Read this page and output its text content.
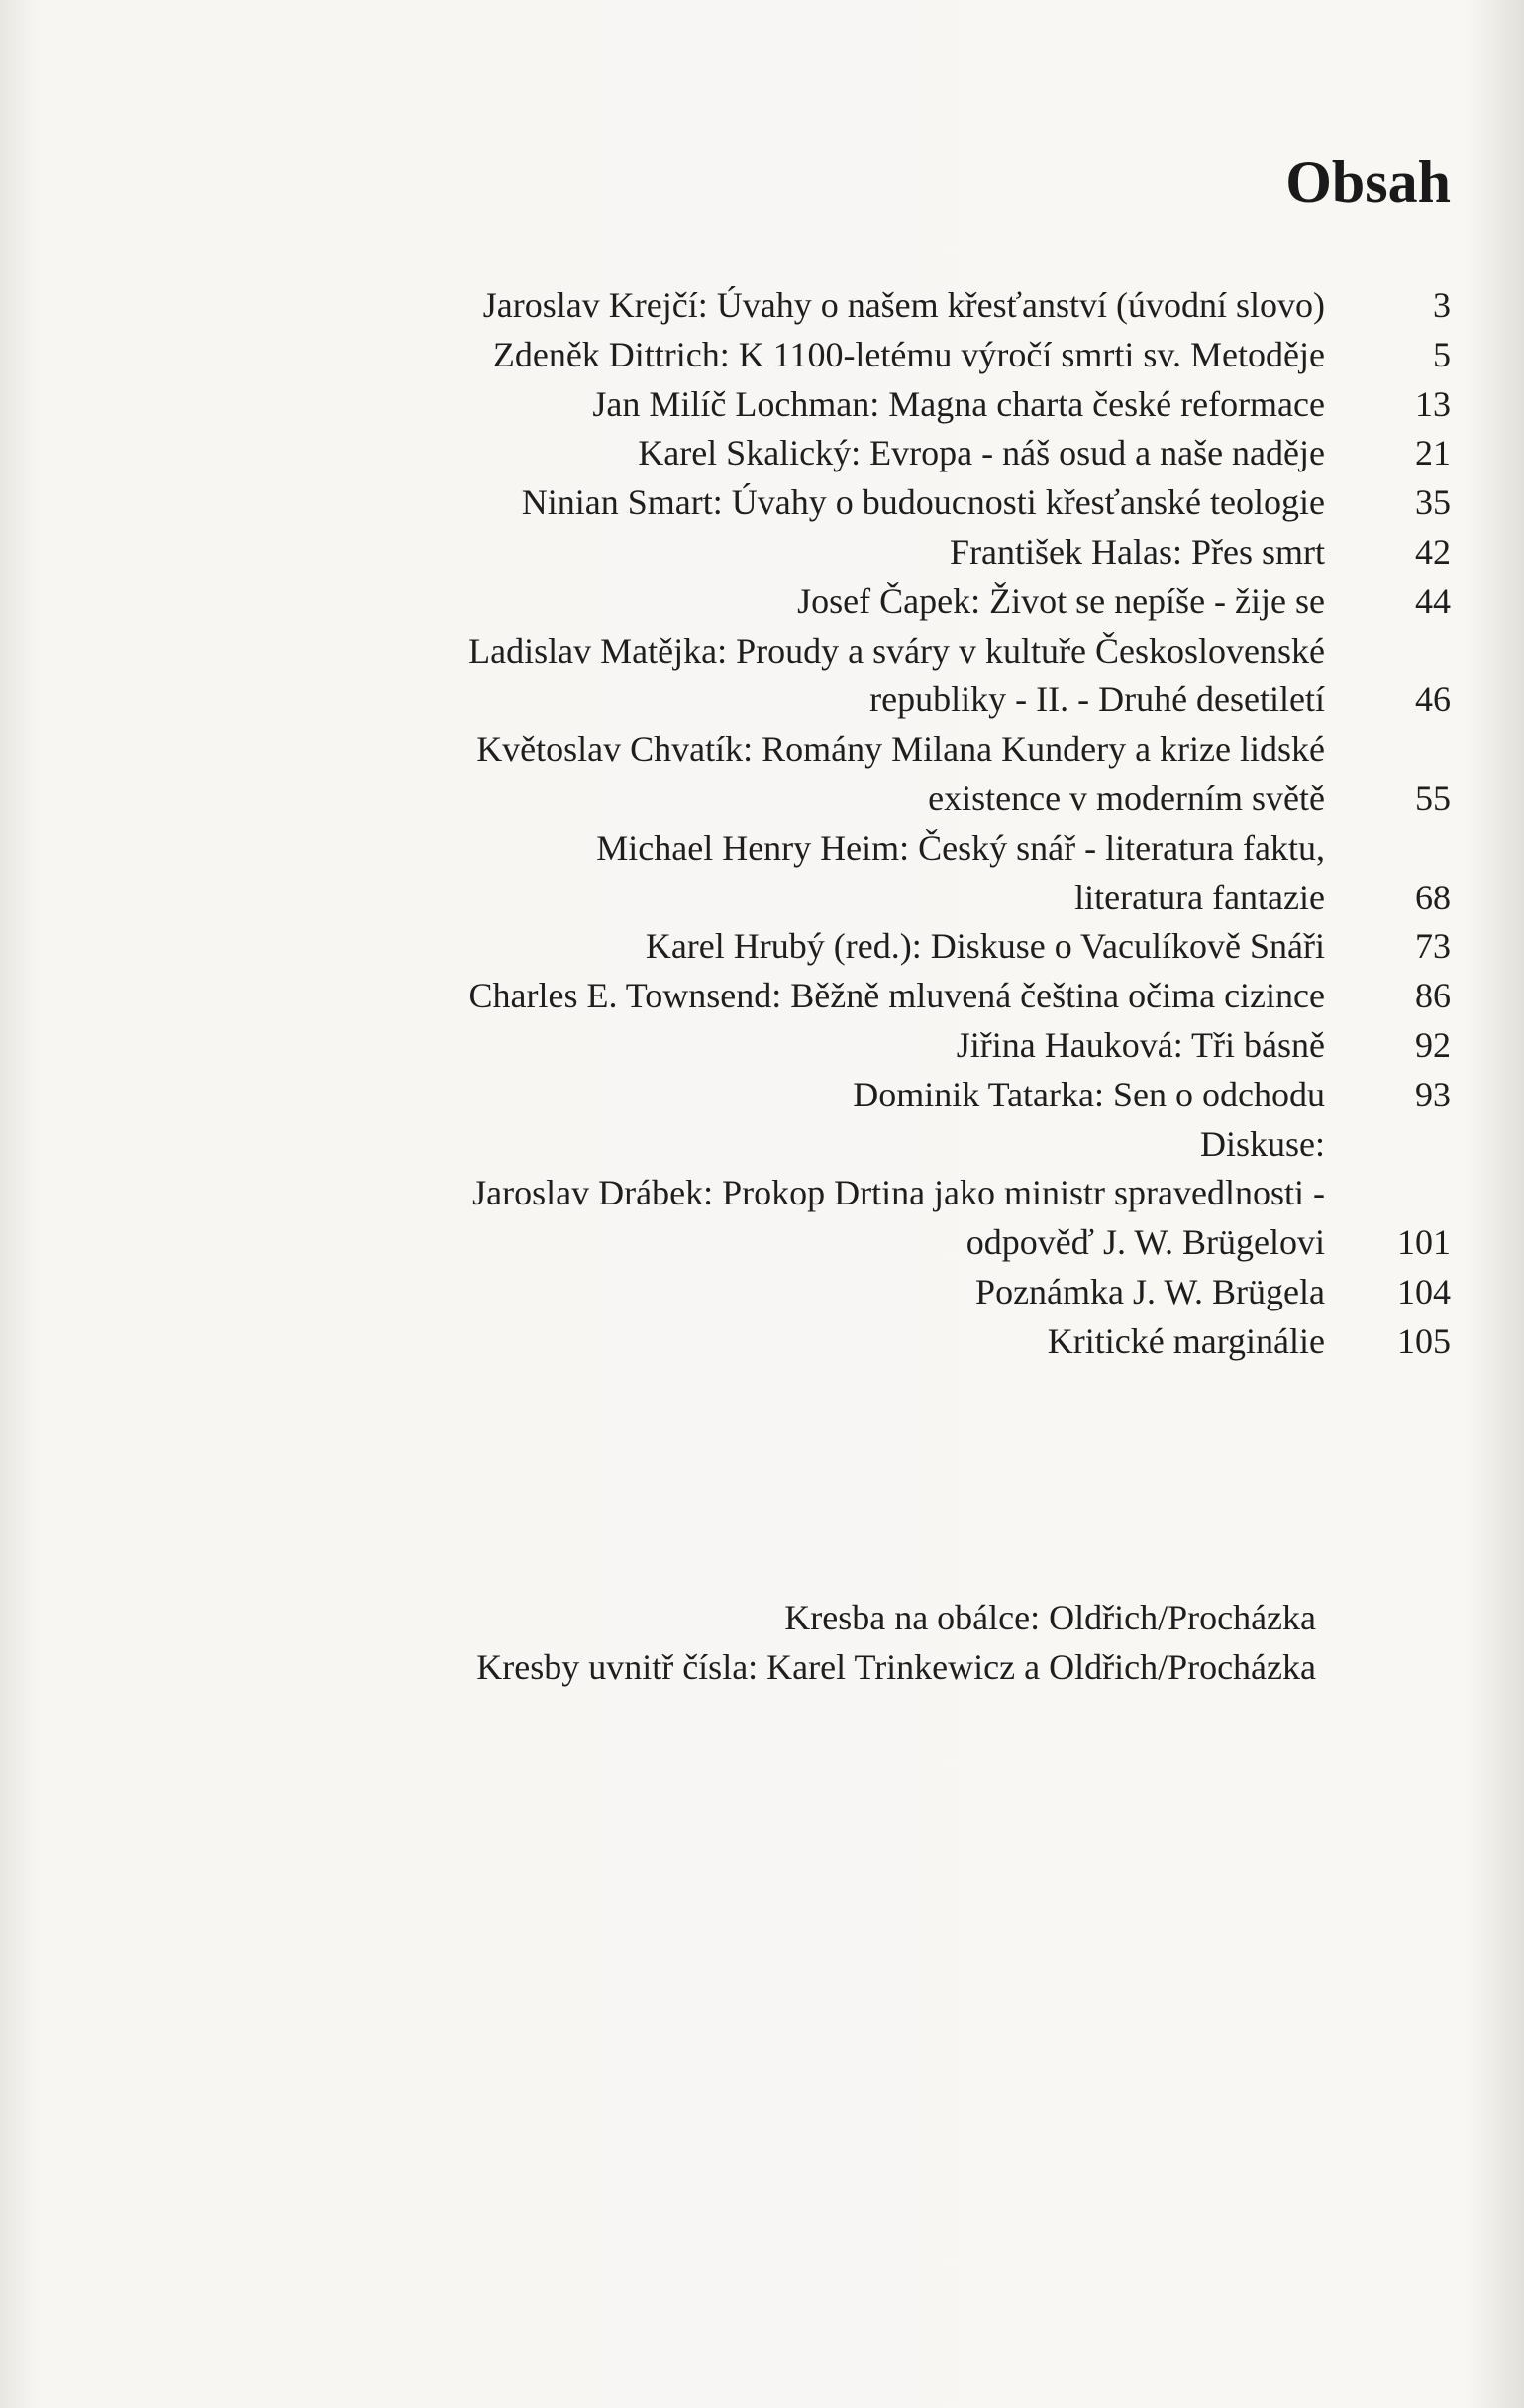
Obsah
Jaroslav Krejčí: Úvahy o našem křesťanství (úvodní slovo)	3
Zdeněk Dittrich: K 1100-letému výročí smrti sv. Metoděje	5
Jan Milíč Lochman: Magna charta české reformace	13
Karel Skalický: Evropa - náš osud a naše naděje	21
Ninian Smart: Úvahy o budoucnosti křesťanské teologie	35
František Halas: Přes smrt	42
Josef Čapek: Život se nepíše - žije se	44
Ladislav Matějka: Proudy a sváry v kultuře Československé
republiky - II. - Druhé desetiletí	46
Květoslav Chvatík: Romány Milana Kundery a krize lidské
existence v moderním světě	55
Michael Henry Heim: Český snář - literatura faktu,
literatura fantazie	68
Karel Hrubý (red.): Diskuse o Vaculíkově Snáři	73
Charles E. Townsend: Běžně mluvená čeština očima cizince	86
Jiřina Hauková: Tři básně	92
Dominik Tatarka: Sen o odchodu	93
Diskuse:
Jaroslav Drábek: Prokop Drtina jako ministr spravedlnosti -
odpověď J. W. Brügelovi	101
Poznámka J. W. Brügela	104
Kritické marginálie	105
Kresba na obálce: Oldřich/Procházka
Kresby uvnitř čísla: Karel Trinkewicz a Oldřich/Procházka
